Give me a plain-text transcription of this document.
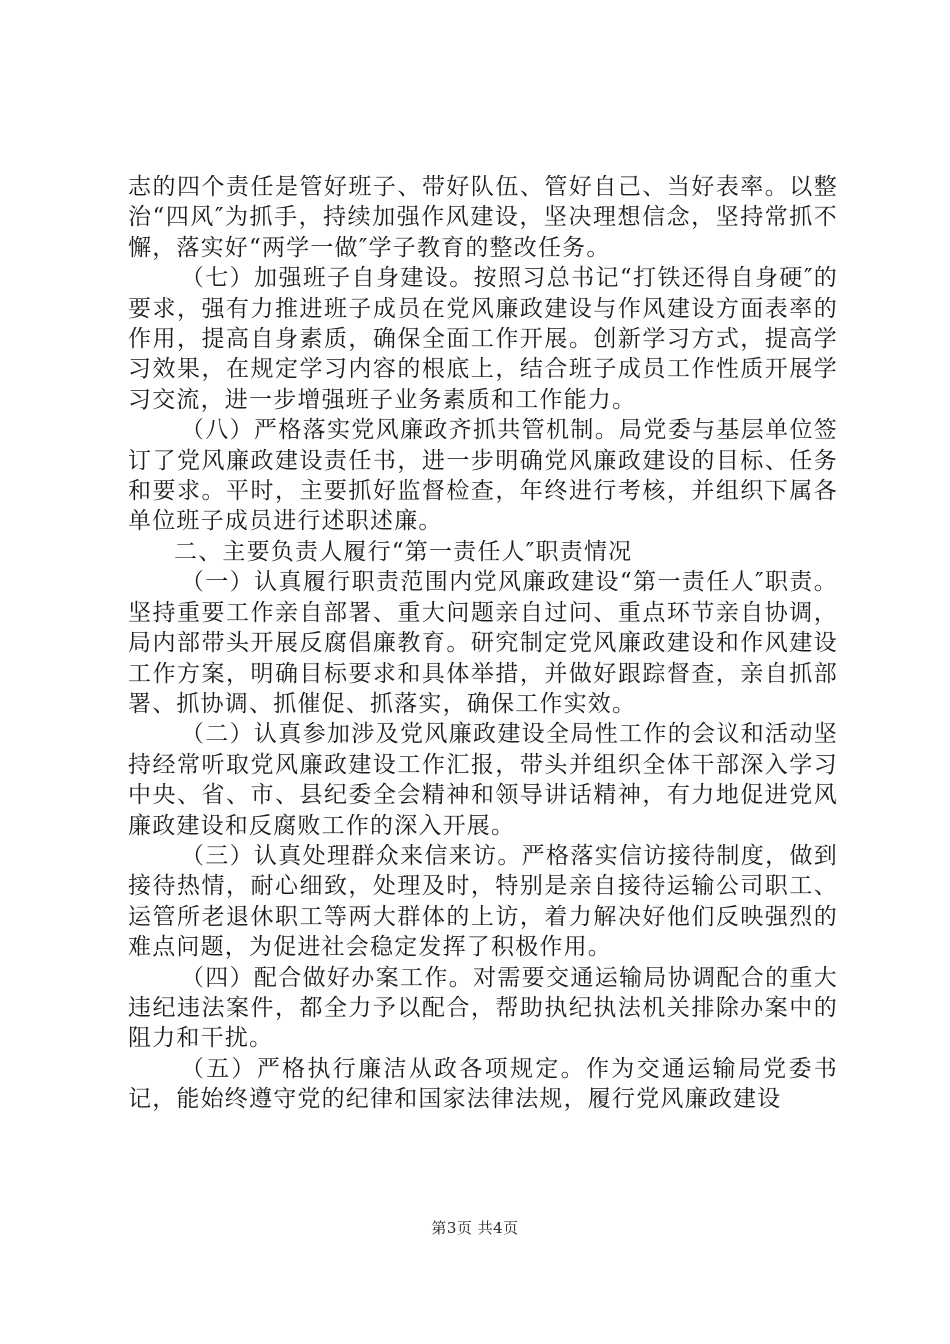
志的四个责任是管好班子、带好队伍、管好自己、当好表率。以整治“四风″为抓手，持续加强作风建设，坚决理想信念，坚持常抓不懈，落实好“两学一做″学子教育的整改任务。

（七）加强班子自身建设。按照习总书记“打铁还得自身硬″的要求，强有力推进班子成员在党风廉政建设与作风建设方面表率的作用，提高自身素质，确保全面工作开展。创新学习方式，提高学习效果，在规定学习内容的根底上，结合班子成员工作性质开展学习交流，进一步增强班子业务素质和工作能力。

（八）严格落实党风廉政齐抓共管机制。局党委与基层单位签订了党风廉政建设责任书，进一步明确党风廉政建设的目标、任务和要求。平时，主要抓好监督检查，年终进行考核，并组织下属各单位班子成员进行述职述廉。

二、主要负责人履行“第一责任人″职责情况

（一）认真履行职责范围内党风廉政建设“第一责任人″职责。坚持重要工作亲自部署、重大问题亲自过问、重点环节亲自协调，局内部带头开展反腐倡廉教育。研究制定党风廉政建设和作风建设工作方案，明确目标要求和具体举措，并做好跟踪督查，亲自抓部署、抓协调、抓催促、抓落实，确保工作实效。

（二）认真参加涉及党风廉政建设全局性工作的会议和活动坚持经常听取党风廉政建设工作汇报，带头并组织全体干部深入学习中央、省、市、县纪委全会精神和领导讲话精神，有力地促进党风廉政建设和反腐败工作的深入开展。

（三）认真处理群众来信来访。严格落实信访接待制度，做到接待热情，耐心细致，处理及时，特别是亲自接待运输公司职工、运管所老退休职工等两大群体的上访，着力解决好他们反映强烈的难点问题，为促进社会稳定发挥了积极作用。

（四）配合做好办案工作。对需要交通运输局协调配合的重大违纪违法案件，都全力予以配合，帮助执纪执法机关排除办案中的阻力和干扰。

（五）严格执行廉洁从政各项规定。作为交通运输局党委书记，能始终遵守党的纪律和国家法律法规，履行党风廉政建设

第3页 共4页
